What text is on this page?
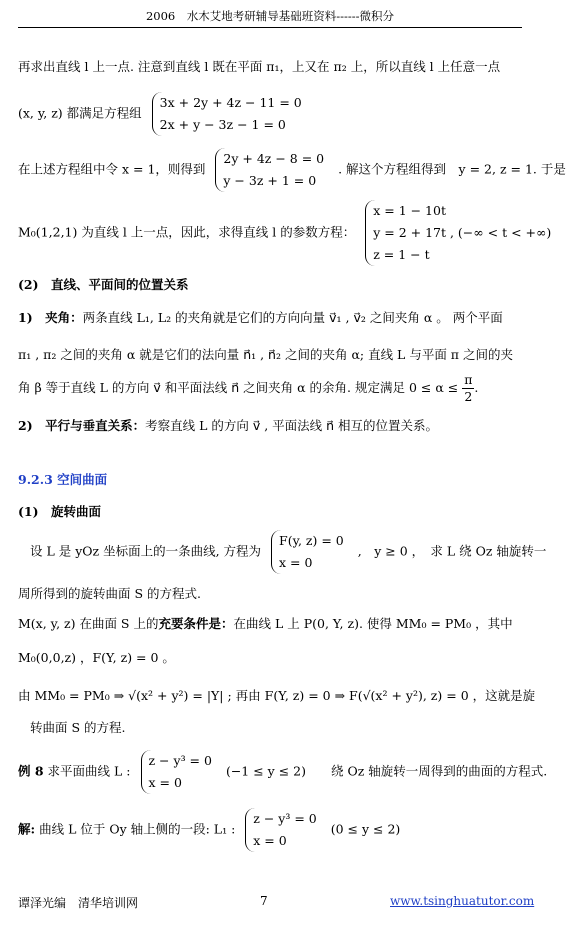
2006　水木艾地考研辅导基础班资料------微积分
再求出直线 l 上一点. 注意到直线 l 既在平面 π₁，上又在 π₂ 上，所以直线 l 上任意一点
(x, y, z) 都满足方程组
3x + 2y + 4z − 11 = 0
2x + y − 3z − 1 = 0
在上述方程组中令 x = 1，则得到
2y + 4z − 8 = 0
y − 3z + 1 = 0
. 解这个方程组得到　y = 2, z = 1. 于是
M₀(1,2,1) 为直线 l 上一点，因此，求得直线 l 的参数方程：
x = 1 − 10t
y = 2 + 17t , (−∞ < t < +∞)
z = 1 − t
(2)　直线、平面间的位置关系
1)　夹角：两条直线 L₁, L₂ 的夹角就是它们的方向向量 v⃗₁ , v⃗₂ 之间夹角 α 。 两个平面
π₁ , π₂ 之间的夹角 α 就是它们的法向量 n⃗₁ , n⃗₂ 之间的夹角 α; 直线 L 与平面 π 之间的夹
角 β 等于直线 L 的方向 v⃗ 和平面法线 n⃗ 之间夹角 α 的余角. 规定满足 $0 \le \alpha \le \frac{\pi}{2}$ .
2)　平行与垂直关系：考察直线 L 的方向 v⃗ , 平面法线 n⃗ 相互的位置关系。
9.2.3 空间曲面
(1)　旋转曲面
设 L 是 yOz 坐标面上的一条曲线, 方程为
F(y, z) = 0
x = 0
,　y ≥ 0 ，　求 L 绕 Oz 轴旋转一
周所得到的旋转曲面 S 的方程式.
M(x, y, z) 在曲面 S 上的充要条件是：在曲线 L 上 P(0, Y, z). 使得 MM₀ = PM₀ ，其中
M₀(0,0,z) ，F(Y, z) = 0 。
由 MM₀ = PM₀ ⇒ √(x² + y²) = |Y| ; 再由 F(Y, z) = 0 ⇒ F(√(x² + y²), z) = 0 ，这就是旋
转曲面 S 的方程.
例 8 求平面曲线 L :
z − y³ = 0
x = 0
(−1 ≤ y ≤ 2)　　绕 Oz 轴旋转一周得到的曲面的方程式.
解: 曲线 L 位于 Oy 轴上侧的一段: L₁ :
z − y³ = 0
x = 0
(0 ≤ y ≤ 2)
谭泽光编　清华培训网	7	www.tsinghuatutor.com
